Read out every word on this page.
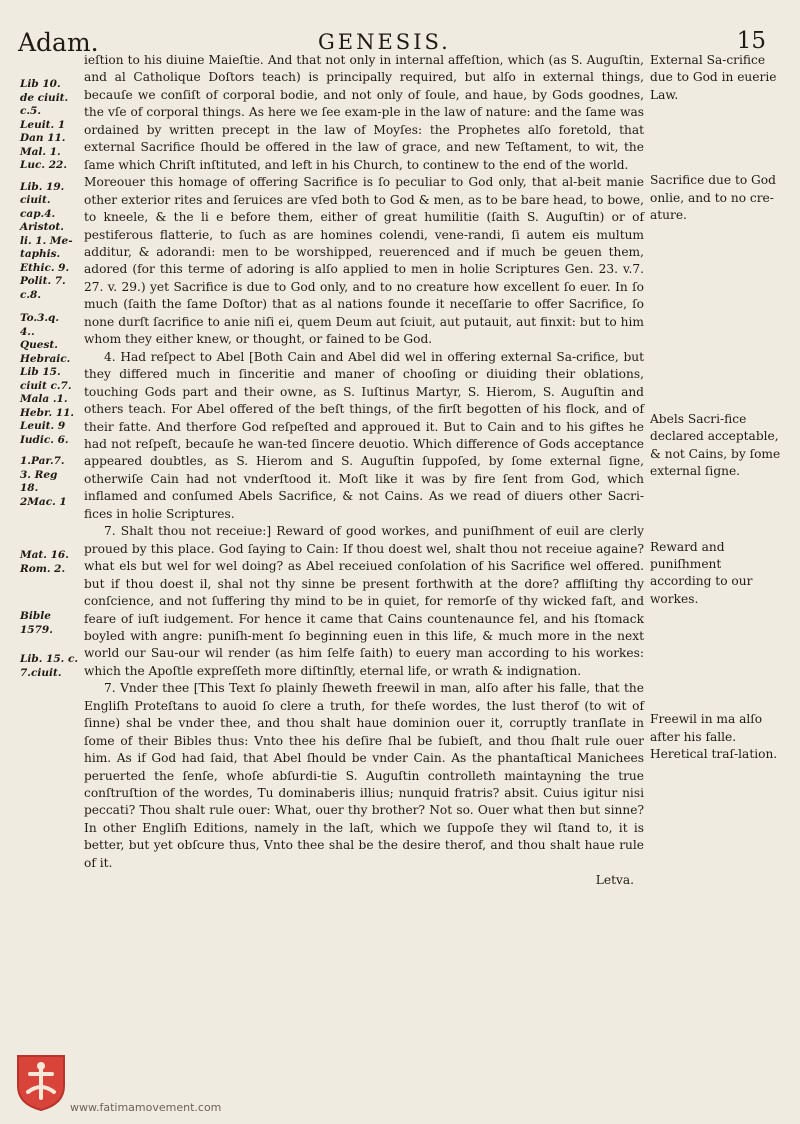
Adam.	GENESIS.	15
Lib 10.
de ciuit.
c.5.
Leuit. 1
Dan 11.
Mal. 1.
Luc. 22.
Lib. 19.
ciuit.
cap.4.
Aristot.
li. 1. Me-
taphis.
Ethic. 9.
Polit. 7.
c.8.
To.3.q.
4..
Quest.
Hebraic.
Lib 15.
ciuit c.7.
Mala .1.
Hebr. 11.
Leuit. 9
Iudic. 6.
1.Par.7.
3. Reg
18.
2Mac. 1
Mat. 16.
Rom. 2.
Bible
1579.
Lib. 15. c.
7.ciuit.

ieſtion to his diuine Maieſtie. And that not only in internal affeſtion, which (as S. Auguſtin, and al Catholique Doſtors teach) is principally required, but alſo in external things, becauſe we conſiſt of corporal bodie, and not only of ſoule, and haue, by Gods goodnes, the vſe of corporal things. As here we ſee exam-ple in the law of nature: and the ſame was ordained by written precept in the law of Moyſes: the Prophetes alſo foretold, that external Sacrifice ſhould be offered in the law of grace, and new Teſtament, to wit, the ſame which Chriſt inſtituted, and left in his Church, to continew to the end of the world.

Moreouer this homage of offering Sacrifice is ſo peculiar to God only, that al-beit manie other exterior rites and ſeruices are vſed both to God & men, as to be bare head, to bowe, to kneele, & the li e before them, either of great humilitie (ſaith S. Auguſtin) or of pestiferous flatterie, to ſuch as are homines colendi, vene-randi, ſi autem eis multum additur, & adorandi: men to be worshipped, reuerenced and if much be geuen them, adored (for this terme of adoring is alſo applied to men in holie Scriptures Gen. 23. v.7. 27. v. 29.) yet Sacrifice is due to God only, and to no creature how excellent ſo euer. In ſo much (ſaith the ſame Doſtor) that as al nations founde it neceſſarie to offer Sacrifice, ſo none durſt ſacrifice to anie niſi ei, quem Deum aut ſciuit, aut putauit, aut finxit: but to him whom they either knew, or thought, or fained to be God.

4. Had reſpect to Abel [Both Cain and Abel did wel in offering external Sa-crifice, but they differed much in ſinceritie and maner of chooſing or diuiding their oblations, touching Gods part and their owne, as S. Iuſtinus Martyr, S. Hierom, S. Auguſtin and others teach. For Abel offered of the beſt things, of the firſt begotten of his flock, and of their fatte. And therfore God reſpeſted and approued it. But to Cain and to his giftes he had not reſpeſt, becauſe he wan-ted ſincere deuotio. Which difference of Gods acceptance appeared doubtles, as S. Hierom and S. Auguſtin ſuppoſed, by ſome external ſigne, otherwiſe Cain had not vnderſtood it. Moſt like it was by fire ſent from God, which inflamed and conſumed Abels Sacrifice, & not Cains. As we read of diuers other Sacri-fices in holie Scriptures.

7. Shalt thou not receiue:] Reward of good workes, and puniſhment of euil are clerly proued by this place. God ſaying to Cain: If thou doest wel, shalt thou not receiue againe? what els but wel for wel doing? as Abel receiued conſolation of his Sacrifice wel offered. but if thou doest il, shal not thy sinne be present forthwith at the dore? affliſting thy conſcience, and not ſuffering thy mind to be in quiet, for remorſe of thy wicked faſt, and feare of iuſt iudgement. For hence it came that Cains countenaunce fel, and his ſtomack boyled with angre: puniſh-ment ſo beginning euen in this life, & much more in the next world our Sau-our wil render (as him ſelfe ſaith) to euery man according to his workes: which the Apoſtle expreſſeth more diſtinſtly, eternal life, or wrath & indignation.

7. Vnder thee [This Text ſo plainly ſheweth freewil in man, alſo after his falle, that the Engliſh Proteſtans to auoid ſo clere a truth, for theſe wordes, the lust therof (to wit of ſinne) shal be vnder thee, and thou shalt haue dominion ouer it, corruptly tranſlate in ſome of their Bibles thus: Vnto thee his deſire ſhal be ſubieſt, and thou ſhalt rule ouer him. As if God had ſaid, that Abel ſhould be vnder Cain. As the phantaſtical Manichees peruerted the ſenſe, whoſe abſurdi-tie S. Auguſtin controlleth maintayning the true conſtruſtion of the wordes, Tu dominaberis illius; nunquid fratris? absit. Cuius igitur nisi peccati? Thou shalt rule ouer: What, ouer thy brother? Not so. Ouer what then but sinne? In other Engliſh Editions, namely in the laſt, which we ſuppoſe they wil ſtand to, it is better, but yet obſcure thus, Vnto thee shal be the desire therof, and thou shalt haue rule of it.

Letva.

External Sa-crifice due to God in euerie Law.

Sacrifice due to God onlie, and to no cre-ature.

Abels Sacri-fice declared acceptable, & not Cains, by ſome external ſigne.

Reward and puniſhment according to our workes.

Freewil in ma alſo after his falle. Heretical traſ-lation.

www.fatimamovement.com
